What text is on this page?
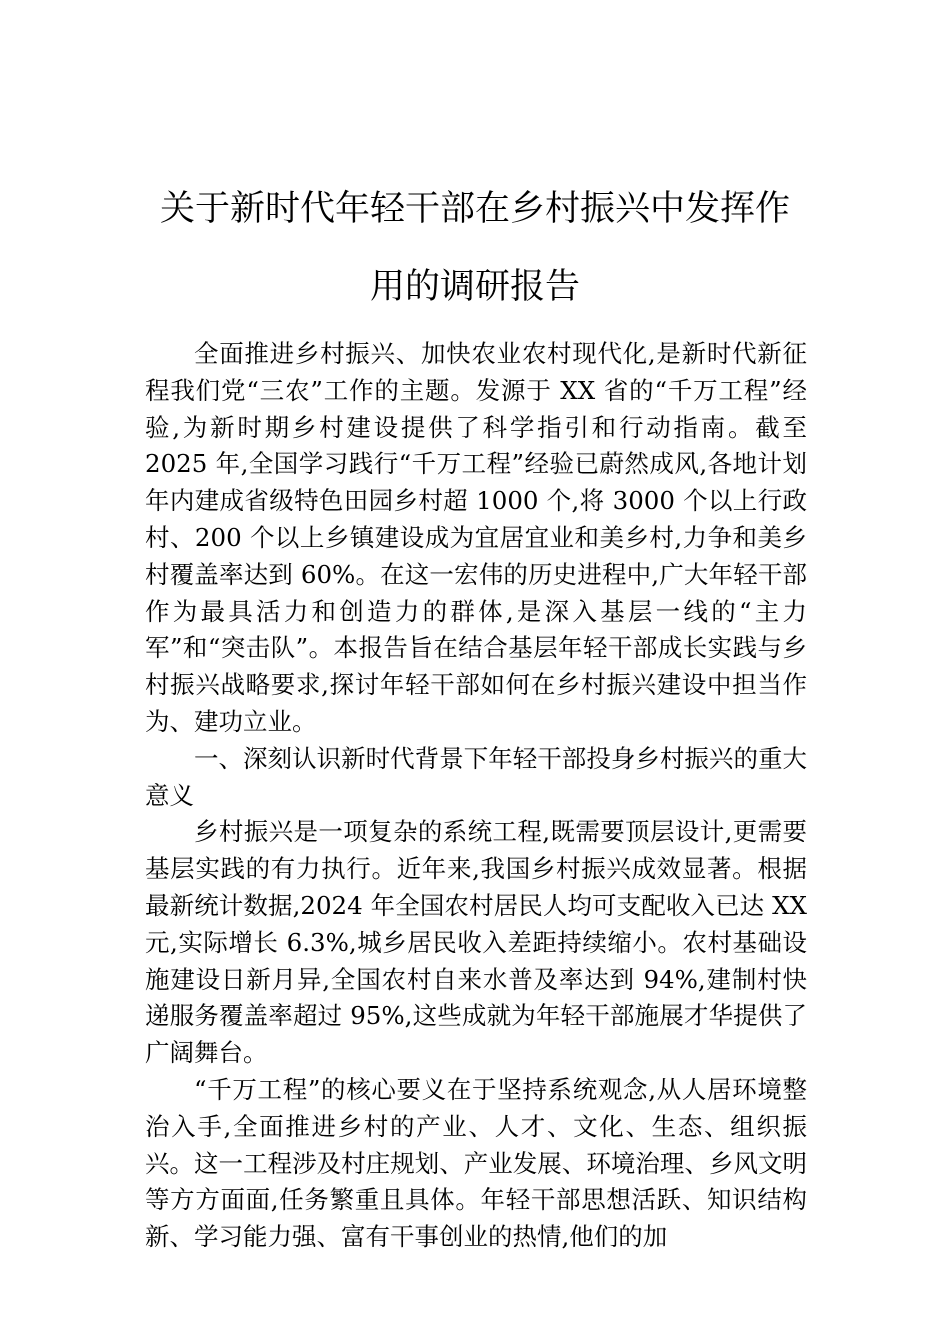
关于新时代年轻干部在乡村振兴中发挥作用的调研报告

全面推进乡村振兴、加快农业农村现代化,是新时代新征程我们党“三农”工作的主题。发源于 XX 省的“千万工程”经验,为新时期乡村建设提供了科学指引和行动指南。截至 2025 年,全国学习践行“千万工程”经验已蔚然成风,各地计划年内建成省级特色田园乡村超 1000 个,将 3000 个以上行政村、200 个以上乡镇建设成为宜居宜业和美乡村,力争和美乡村覆盖率达到 60%。在这一宏伟的历史进程中,广大年轻干部作为最具活力和创造力的群体,是深入基层一线的“主力军”和“突击队”。本报告旨在结合基层年轻干部成长实践与乡村振兴战略要求,探讨年轻干部如何在乡村振兴建设中担当作为、建功立业。

一、深刻认识新时代背景下年轻干部投身乡村振兴的重大意义

乡村振兴是一项复杂的系统工程,既需要顶层设计,更需要基层实践的有力执行。近年来,我国乡村振兴成效显著。根据最新统计数据,2024 年全国农村居民人均可支配收入已达 XX 元,实际增长 6.3%,城乡居民收入差距持续缩小。农村基础设施建设日新月异,全国农村自来水普及率达到 94%,建制村快递服务覆盖率超过 95%,这些成就为年轻干部施展才华提供了广阔舞台。

“千万工程”的核心要义在于坚持系统观念,从人居环境整治入手,全面推进乡村的产业、人才、文化、生态、组织振兴。这一工程涉及村庄规划、产业发展、环境治理、乡风文明等方方面面,任务繁重且具体。年轻干部思想活跃、知识结构新、学习能力强、富有干事创业的热情,他们的加
